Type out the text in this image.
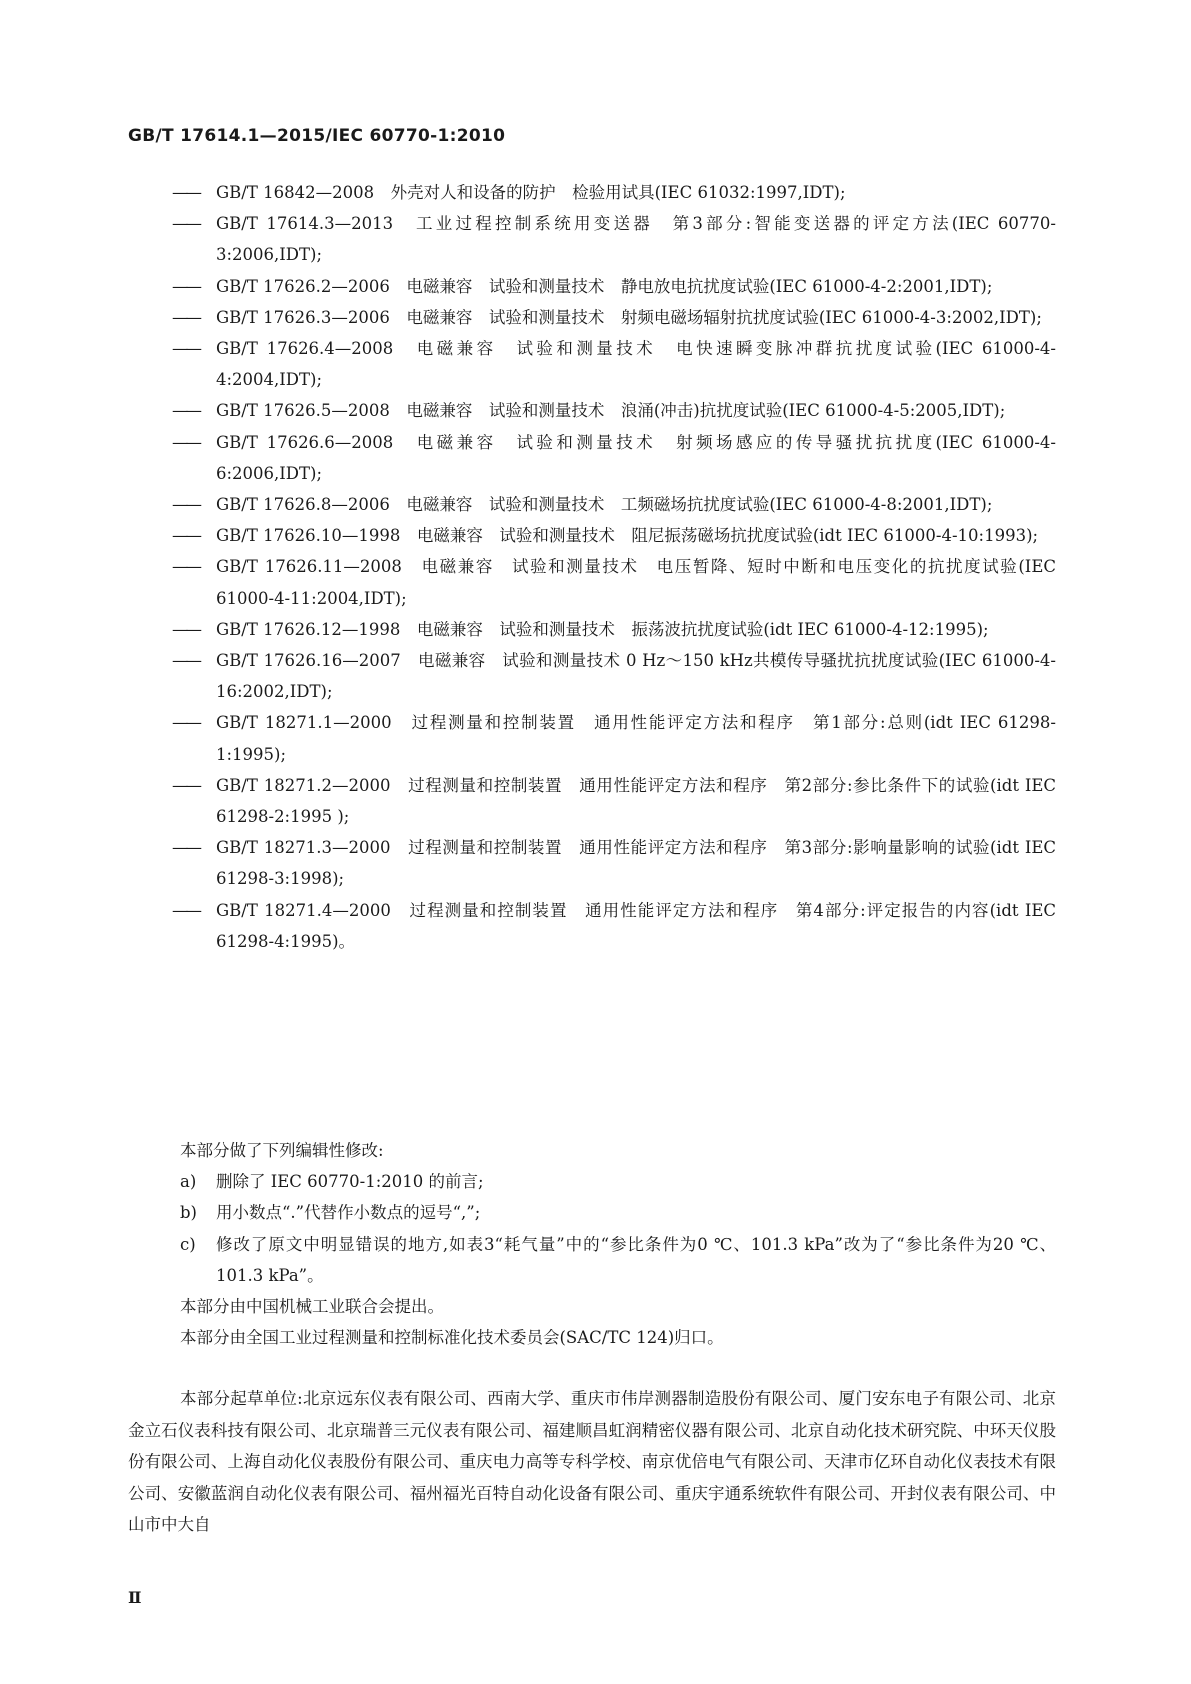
GB/T 17614.1—2015/IEC 60770-1:2010
——	GB/T 16842—2008　外壳对人和设备的防护　检验用试具(IEC 61032:1997,IDT);
——	GB/T 17614.3—2013　工业过程控制系统用变送器　第3部分:智能变送器的评定方法(IEC 60770-3:2006,IDT);
——	GB/T 17626.2—2006　电磁兼容　试验和测量技术　静电放电抗扰度试验(IEC 61000-4-2:2001,IDT);
——	GB/T 17626.3—2006　电磁兼容　试验和测量技术　射频电磁场辐射抗扰度试验(IEC 61000-4-3:2002,IDT);
——	GB/T 17626.4—2008　电磁兼容　试验和测量技术　电快速瞬变脉冲群抗扰度试验(IEC 61000-4-4:2004,IDT);
——	GB/T 17626.5—2008　电磁兼容　试验和测量技术　浪涌(冲击)抗扰度试验(IEC 61000-4-5:2005,IDT);
——	GB/T 17626.6—2008　电磁兼容　试验和测量技术　射频场感应的传导骚扰抗扰度(IEC 61000-4-6:2006,IDT);
——	GB/T 17626.8—2006　电磁兼容　试验和测量技术　工频磁场抗扰度试验(IEC 61000-4-8:2001,IDT);
——	GB/T 17626.10—1998　电磁兼容　试验和测量技术　阻尼振荡磁场抗扰度试验(idt IEC 61000-4-10:1993);
——	GB/T 17626.11—2008　电磁兼容　试验和测量技术　电压暂降、短时中断和电压变化的抗扰度试验(IEC 61000-4-11:2004,IDT);
——	GB/T 17626.12—1998　电磁兼容　试验和测量技术　振荡波抗扰度试验(idt IEC 61000-4-12:1995);
——	GB/T 17626.16—2007　电磁兼容　试验和测量技术 0 Hz～150 kHz共模传导骚扰抗扰度试验(IEC 61000-4-16:2002,IDT);
——	GB/T 18271.1—2000　过程测量和控制装置　通用性能评定方法和程序　第1部分:总则(idt IEC 61298-1:1995);
——	GB/T 18271.2—2000　过程测量和控制装置　通用性能评定方法和程序　第2部分:参比条件下的试验(idt IEC 61298-2:1995 );
——	GB/T 18271.3—2000　过程测量和控制装置　通用性能评定方法和程序　第3部分:影响量影响的试验(idt IEC 61298-3:1998);
——	GB/T 18271.4—2000　过程测量和控制装置　通用性能评定方法和程序　第4部分:评定报告的内容(idt IEC 61298-4:1995)。

本部分做了下列编辑性修改:

a) 删除了 IEC 60770-1:2010 的前言;
b) 用小数点“.”代替作小数点的逗号“,”;
c) 修改了原文中明显错误的地方,如表3“耗气量”中的“参比条件为0 ℃、101.3 kPa”改为了“参比条件为20 ℃、101.3 kPa”。

本部分由中国机械工业联合会提出。

本部分由全国工业过程测量和控制标准化技术委员会(SAC/TC 124)归口。

本部分起草单位:北京远东仪表有限公司、西南大学、重庆市伟岸测器制造股份有限公司、厦门安东电子有限公司、北京金立石仪表科技有限公司、北京瑞普三元仪表有限公司、福建顺昌虹润精密仪器有限公司、北京自动化技术研究院、中环天仪股份有限公司、上海自动化仪表股份有限公司、重庆电力高等专科学校、南京优倍电气有限公司、天津市亿环自动化仪表技术有限公司、安徽蓝润自动化仪表有限公司、福州福光百特自动化设备有限公司、重庆宇通系统软件有限公司、开封仪表有限公司、中山市中大自

Ⅱ
